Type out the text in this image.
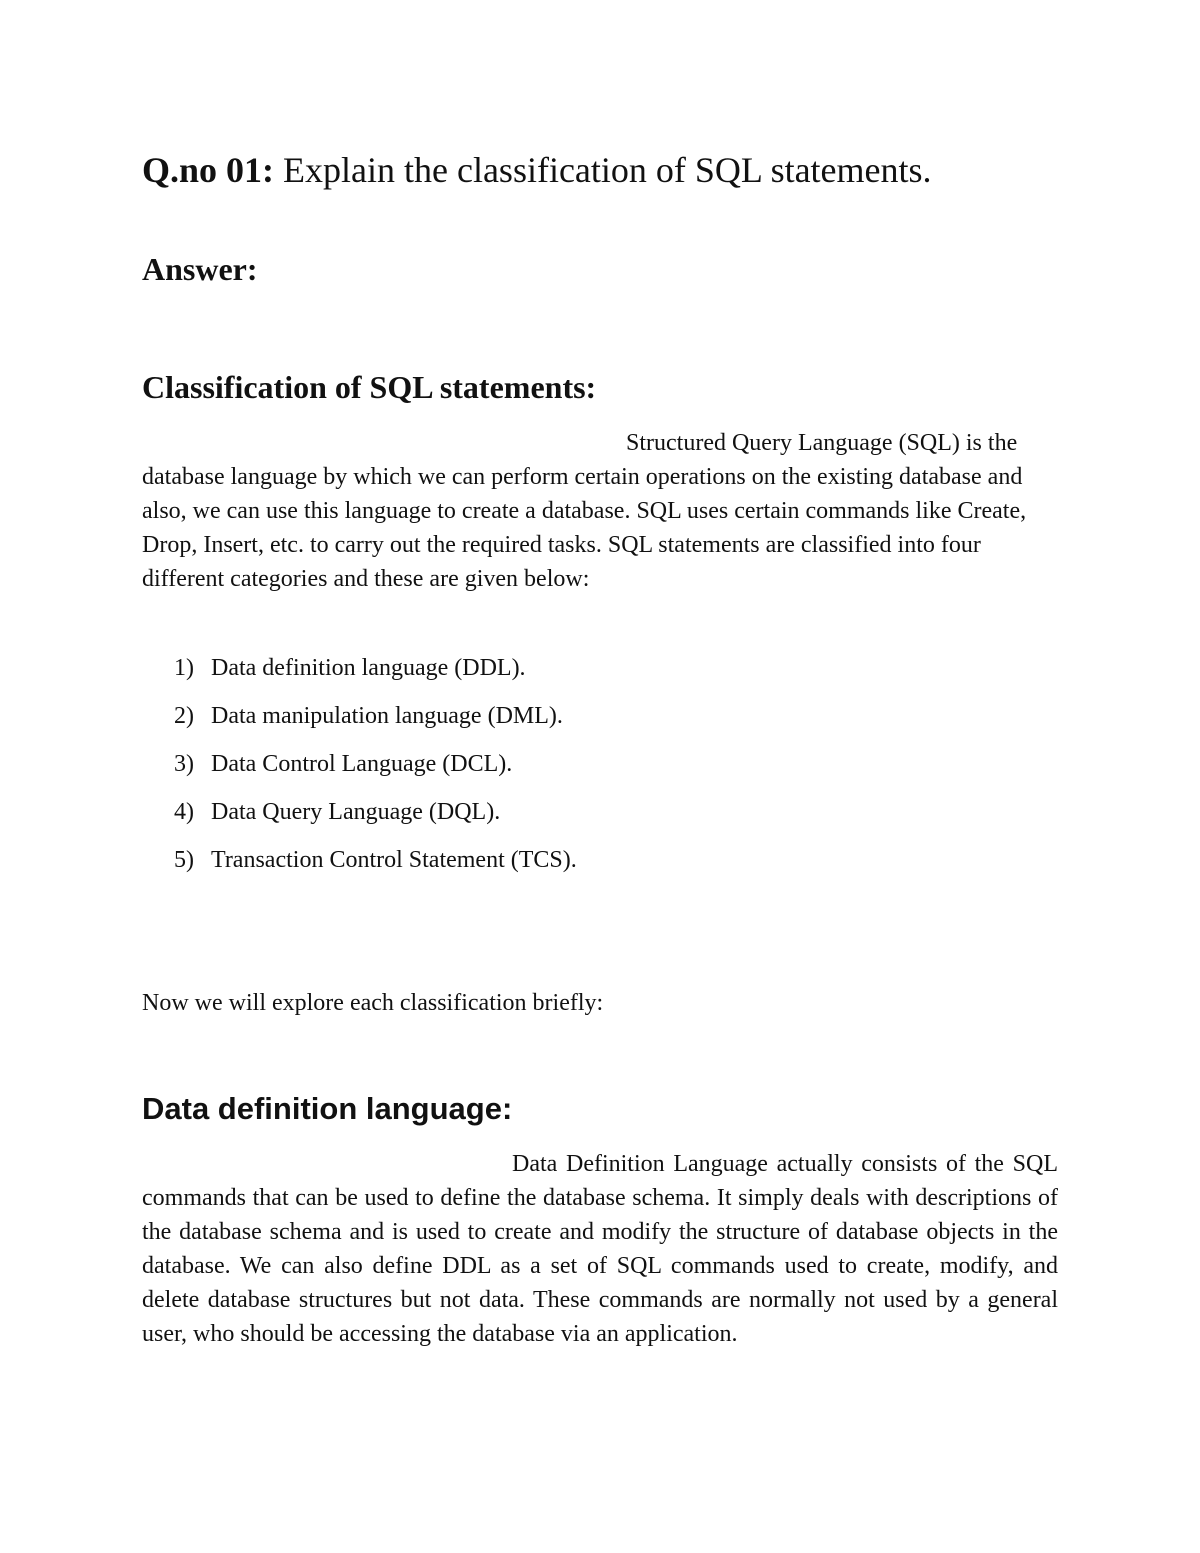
Q.no 01: Explain the classification of SQL statements.
Answer:
Classification of SQL statements:
Structured Query Language (SQL) is the database language by which we can perform certain operations on the existing database and also, we can use this language to create a database. SQL uses certain commands like Create, Drop, Insert, etc. to carry out the required tasks. SQL statements are classified into four different categories and these are given below:
1) Data definition language (DDL).
2) Data manipulation language (DML).
3) Data Control Language (DCL).
4) Data Query Language (DQL).
5) Transaction Control Statement (TCS).
Now we will explore each classification briefly:
Data definition language:
Data Definition Language actually consists of the SQL commands that can be used to define the database schema. It simply deals with descriptions of the database schema and is used to create and modify the structure of database objects in the database. We can also define DDL as a set of SQL commands used to create, modify, and delete database structures but not data. These commands are normally not used by a general user, who should be accessing the database via an application.
